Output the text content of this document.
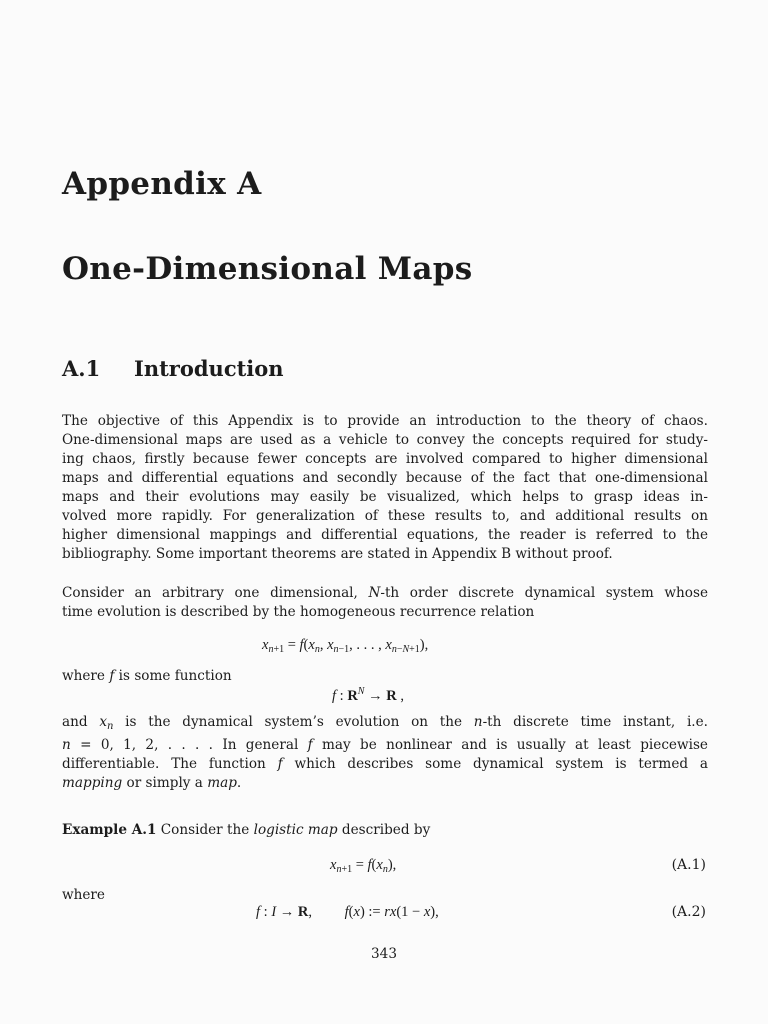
Appendix A
One-Dimensional Maps
A.1 Introduction

The objective of this Appendix is to provide an introduction to the theory of chaos.
One-dimensional maps are used as a vehicle to convey the concepts required for study-
ing chaos, firstly because fewer concepts are involved compared to higher dimensional
maps and differential equations and secondly because of the fact that one-dimensional
maps and their evolutions may easily be visualized, which helps to grasp ideas in-
volved more rapidly. For generalization of these results to, and additional results on
higher dimensional mappings and differential equations, the reader is referred to the
bibliography. Some important theorems are stated in Appendix B without proof.

Consider an arbitrary one dimensional, N-th order discrete dynamical system whose
time evolution is described by the homogeneous recurrence relation

$x_{n+1} = f(x_n$, $x_{n-1}$, . . . , $x_{n-N+1}$),
where f is some function
f : $R^N \to R$ ,

and $x_n$ is the dynamical system’s evolution on the n-th discrete time instant, i.e.
n = 0, 1, 2, . . . . In general f may be nonlinear and is usually at least piecewise
differentiable. The function f which describes some dynamical system is termed a
mapping or simply a map.

Example A.1 Consider the logistic map described by
$x_{n+1} = f(x_n)$,	(A.1)
where
f : I → R,         f(x) := rx(1 − x),	(A.2)
343
